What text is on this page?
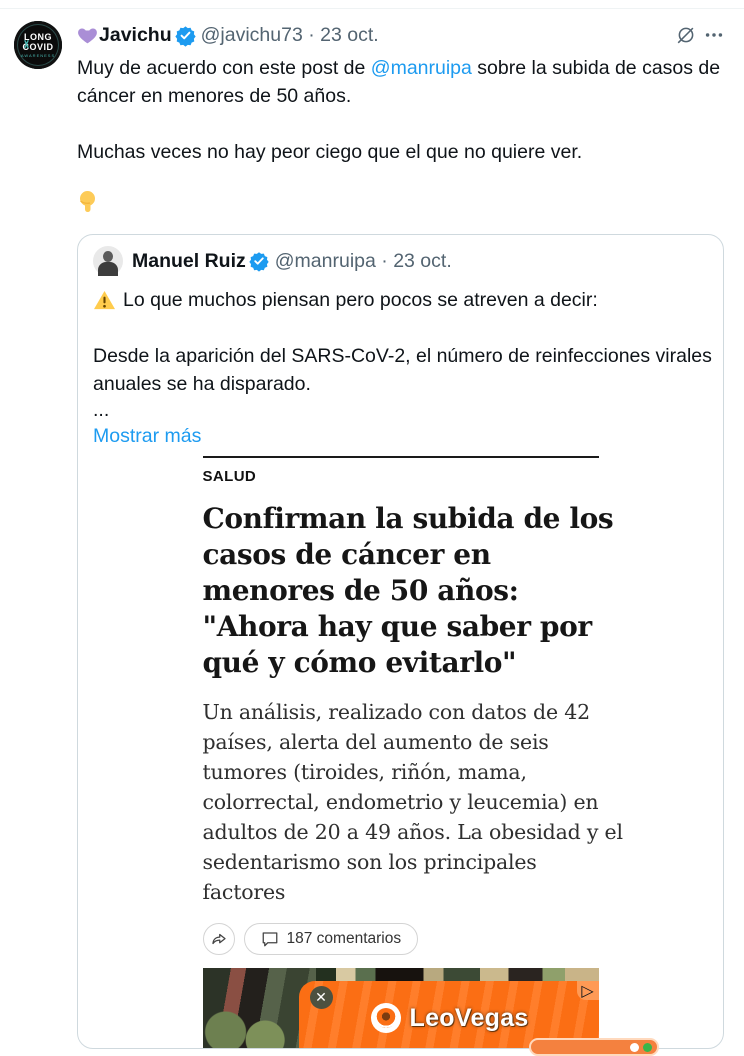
LONG
COVID
AWARENESS
Javichu @javichu73 · 23 oct.
Muy de acuerdo con este post de @manruipa sobre la subida de casos de
cáncer en menores de 50 años.
Muchas veces no hay peor ciego que el que no quiere ver.
Manuel Ruiz @manruipa · 23 oct.
Lo que muchos piensan pero pocos se atreven a decir:
Desde la aparición del SARS-CoV-2, el número de reinfecciones virales
anuales se ha disparado.
...
Mostrar más
SALUD
Confirman la subida de los
casos de cáncer en
menores de 50 años:
"Ahora hay que saber por
qué y cómo evitarlo"
Un análisis, realizado con datos de 42
países, alerta del aumento de seis
tumores (tiroides, riñón, mama,
colorrectal, endometrio y leucemia) en
adultos de 20 a 49 años. La obesidad y el
sedentarismo son los principales
factores
187 comentarios
✕	▷
LeoVegas
